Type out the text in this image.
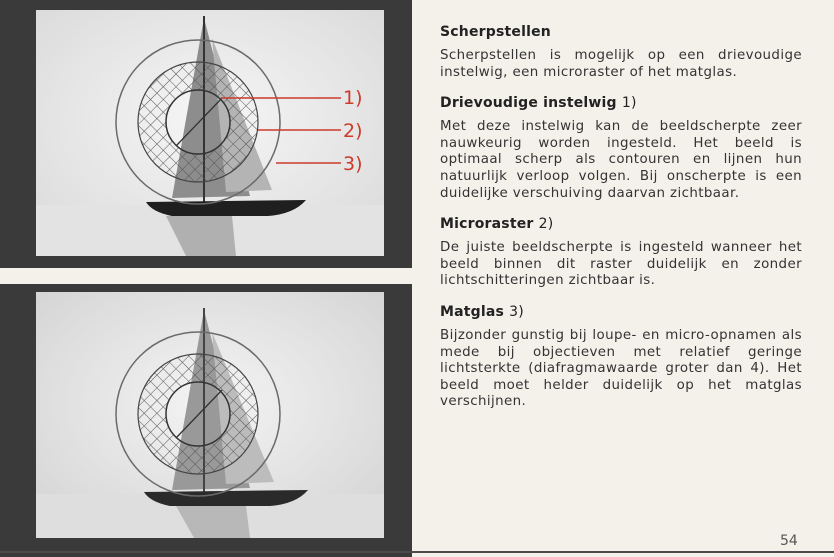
1)
2)
3)
Scherpstellen

Scherpstellen is mogelijk op een drievoudige instelwig, een microraster of het matglas.

Drievoudige instelwig 1)

Met deze instelwig kan de beeldscherpte zeer nauwkeurig worden ingesteld. Het beeld is optimaal scherp als contouren en lijnen hun natuurlijk verloop volgen. Bij onscherpte is een duidelijke verschuiving daarvan zichtbaar.

Microraster 2)

De juiste beeldscherpte is ingesteld wanneer het beeld binnen dit raster duidelijk en zonder lichtschitteringen zichtbaar is.

Matglas 3)

Bijzonder gunstig bij loupe- en micro-opnamen als mede bij objectieven met relatief geringe lichtsterkte (diafragmawaarde groter dan 4). Het beeld moet helder duidelijk op het matglas verschijnen.

54
